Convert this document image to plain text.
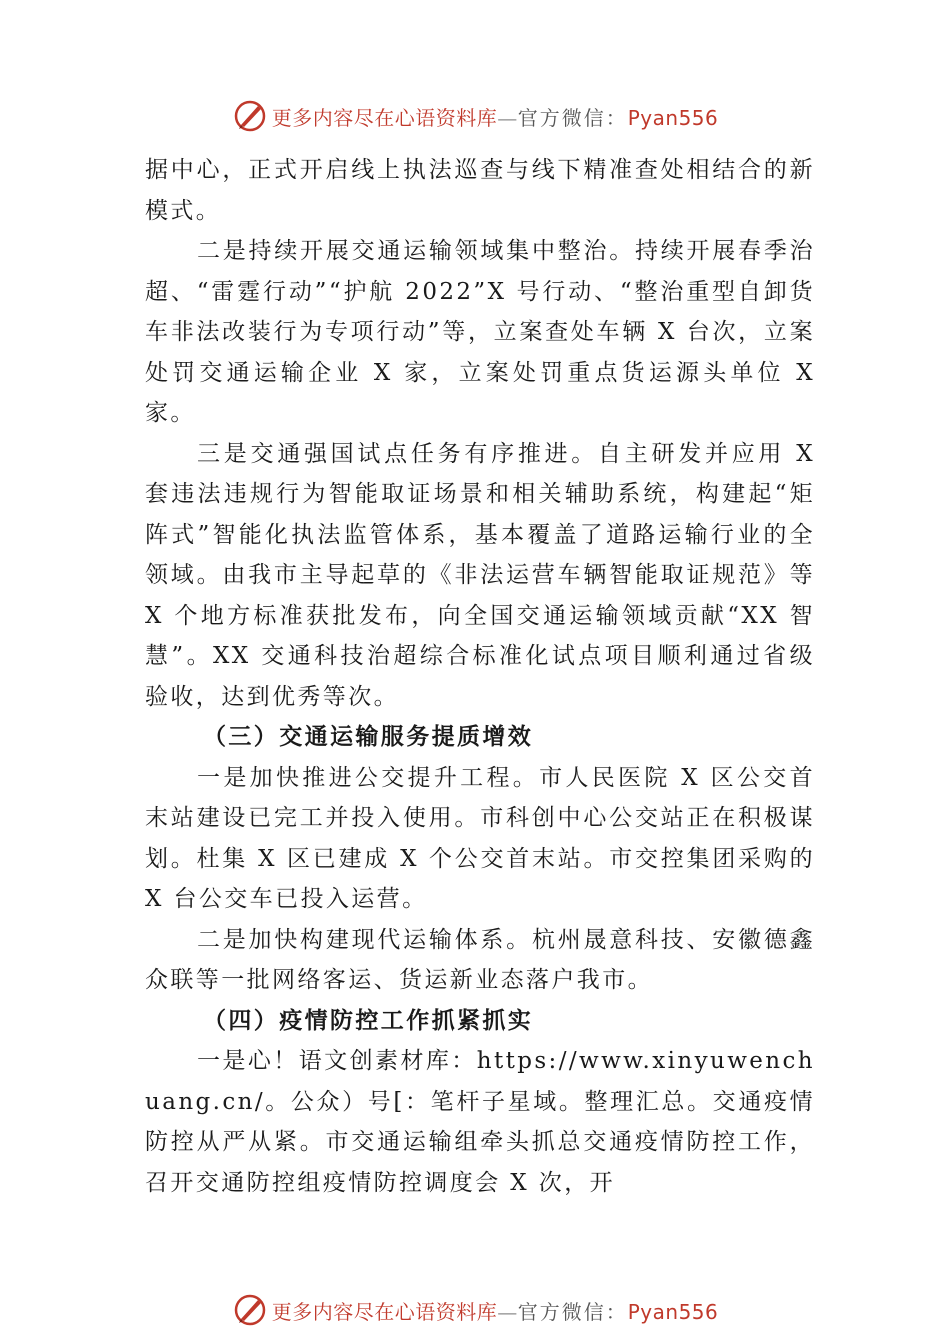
更多内容尽在心语资料库—官方微信：Pyan556

据中心，正式开启线上执法巡查与线下精准查处相结合的新模式。

二是持续开展交通运输领域集中整治。持续开展春季治超、“雷霆行动”“护航 2022”X 号行动、“整治重型自卸货车非法改装行为专项行动”等，立案查处车辆 X 台次，立案处罚交通运输企业 X 家，立案处罚重点货运源头单位 X 家。

三是交通强国试点任务有序推进。自主研发并应用 X 套违法违规行为智能取证场景和相关辅助系统，构建起“矩阵式”智能化执法监管体系，基本覆盖了道路运输行业的全领域。由我市主导起草的《非法运营车辆智能取证规范》等 X 个地方标准获批发布，向全国交通运输领域贡献“XX 智慧”。XX 交通科技治超综合标准化试点项目顺利通过省级验收，达到优秀等次。

（三）交通运输服务提质增效

一是加快推进公交提升工程。市人民医院 X 区公交首末站建设已完工并投入使用。市科创中心公交站正在积极谋划。杜集 X 区已建成 X 个公交首末站。市交控集团采购的 X 台公交车已投入运营。

二是加快构建现代运输体系。杭州晟意科技、安徽德鑫众联等一批网络客运、货运新业态落户我市。

（四）疫情防控工作抓紧抓实

一是心！语文创素材库：https://www.xinyuwenchuang.cn/。公众）号[：笔杆子星域。整理汇总。交通疫情防控从严从紧。市交通运输组牵头抓总交通疫情防控工作，召开交通防控组疫情防控调度会 X 次，开

更多内容尽在心语资料库—官方微信：Pyan556
